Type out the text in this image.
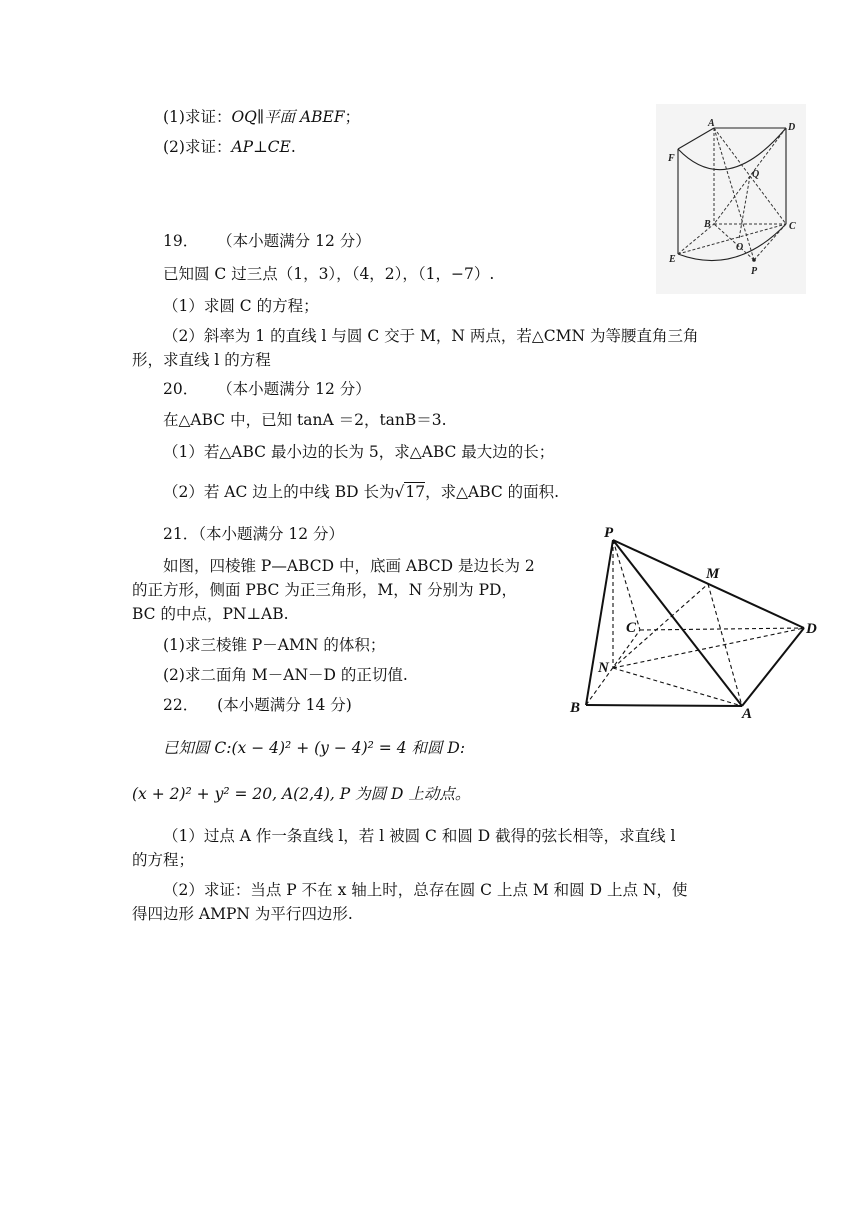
(1)求证：OQ∥平面 ABEF；
(2)求证：AP⊥CE.
A	D
F
Q
B	C
O
E
P
19． （本小题满分 12 分）
已知圆 C 过三点（1，3），（4，2），（1，−7）.
（1）求圆 C 的方程；
（2）斜率为 1 的直线 l 与圆 C 交于 M，N 两点，若△CMN 为等腰直角三角
形，求直线 l 的方程
20． （本小题满分 12 分）
在△ABC 中，已知 tanA ＝2，tanB＝3.
（1）若△ABC 最小边的长为 5，求△ABC 最大边的长；
（2）若 AC 边上的中线 BD 长为√17，求△ABC 的面积.
21．（本小题满分 12 分）
如图，四棱锥 P—ABCD 中，底画 ABCD 是边长为 2
的正方形，侧面 PBC 为正三角形，M，N 分别为 PD，
BC 的中点，PN⊥AB.
(1)求三棱锥 P－AMN 的体积；
(2)求二面角 M－AN－D 的正切值.
P
M
C	D
N
B	A
22． (本小题满分 14 分)
已知圆 C:(x − 4)² + (y − 4)² = 4 和圆 D:
(x + 2)² + y² = 20, A(2,4), P 为圆 D 上动点。
（1）过点 A 作一条直线 l，若 l 被圆 C 和圆 D 截得的弦长相等，求直线 l
的方程；
（2）求证：当点 P 不在 x 轴上时，总存在圆 C 上点 M 和圆 D 上点 N，使
得四边形 AMPN 为平行四边形.
